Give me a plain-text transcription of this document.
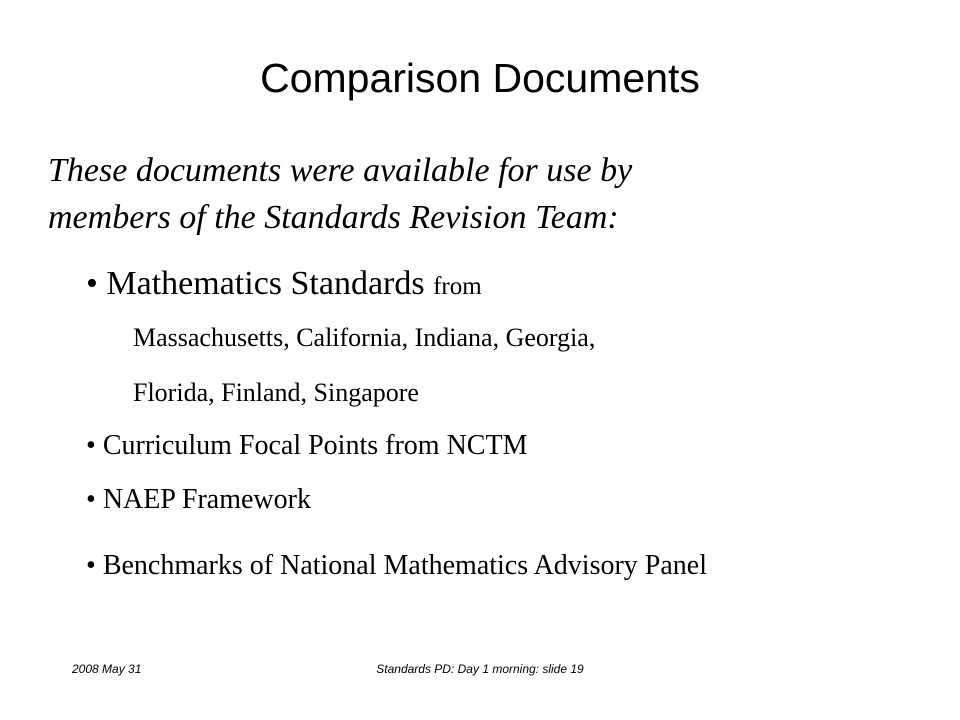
Comparison Documents
These documents were available for use by
members of the Standards Revision Team:
• Mathematics Standards from
Massachusetts, California, Indiana, Georgia,
Florida, Finland, Singapore
• Curriculum Focal Points from NCTM
• NAEP Framework
• Benchmarks of National Mathematics Advisory Panel
2008 May 31	Standards PD: Day 1 morning: slide 19
